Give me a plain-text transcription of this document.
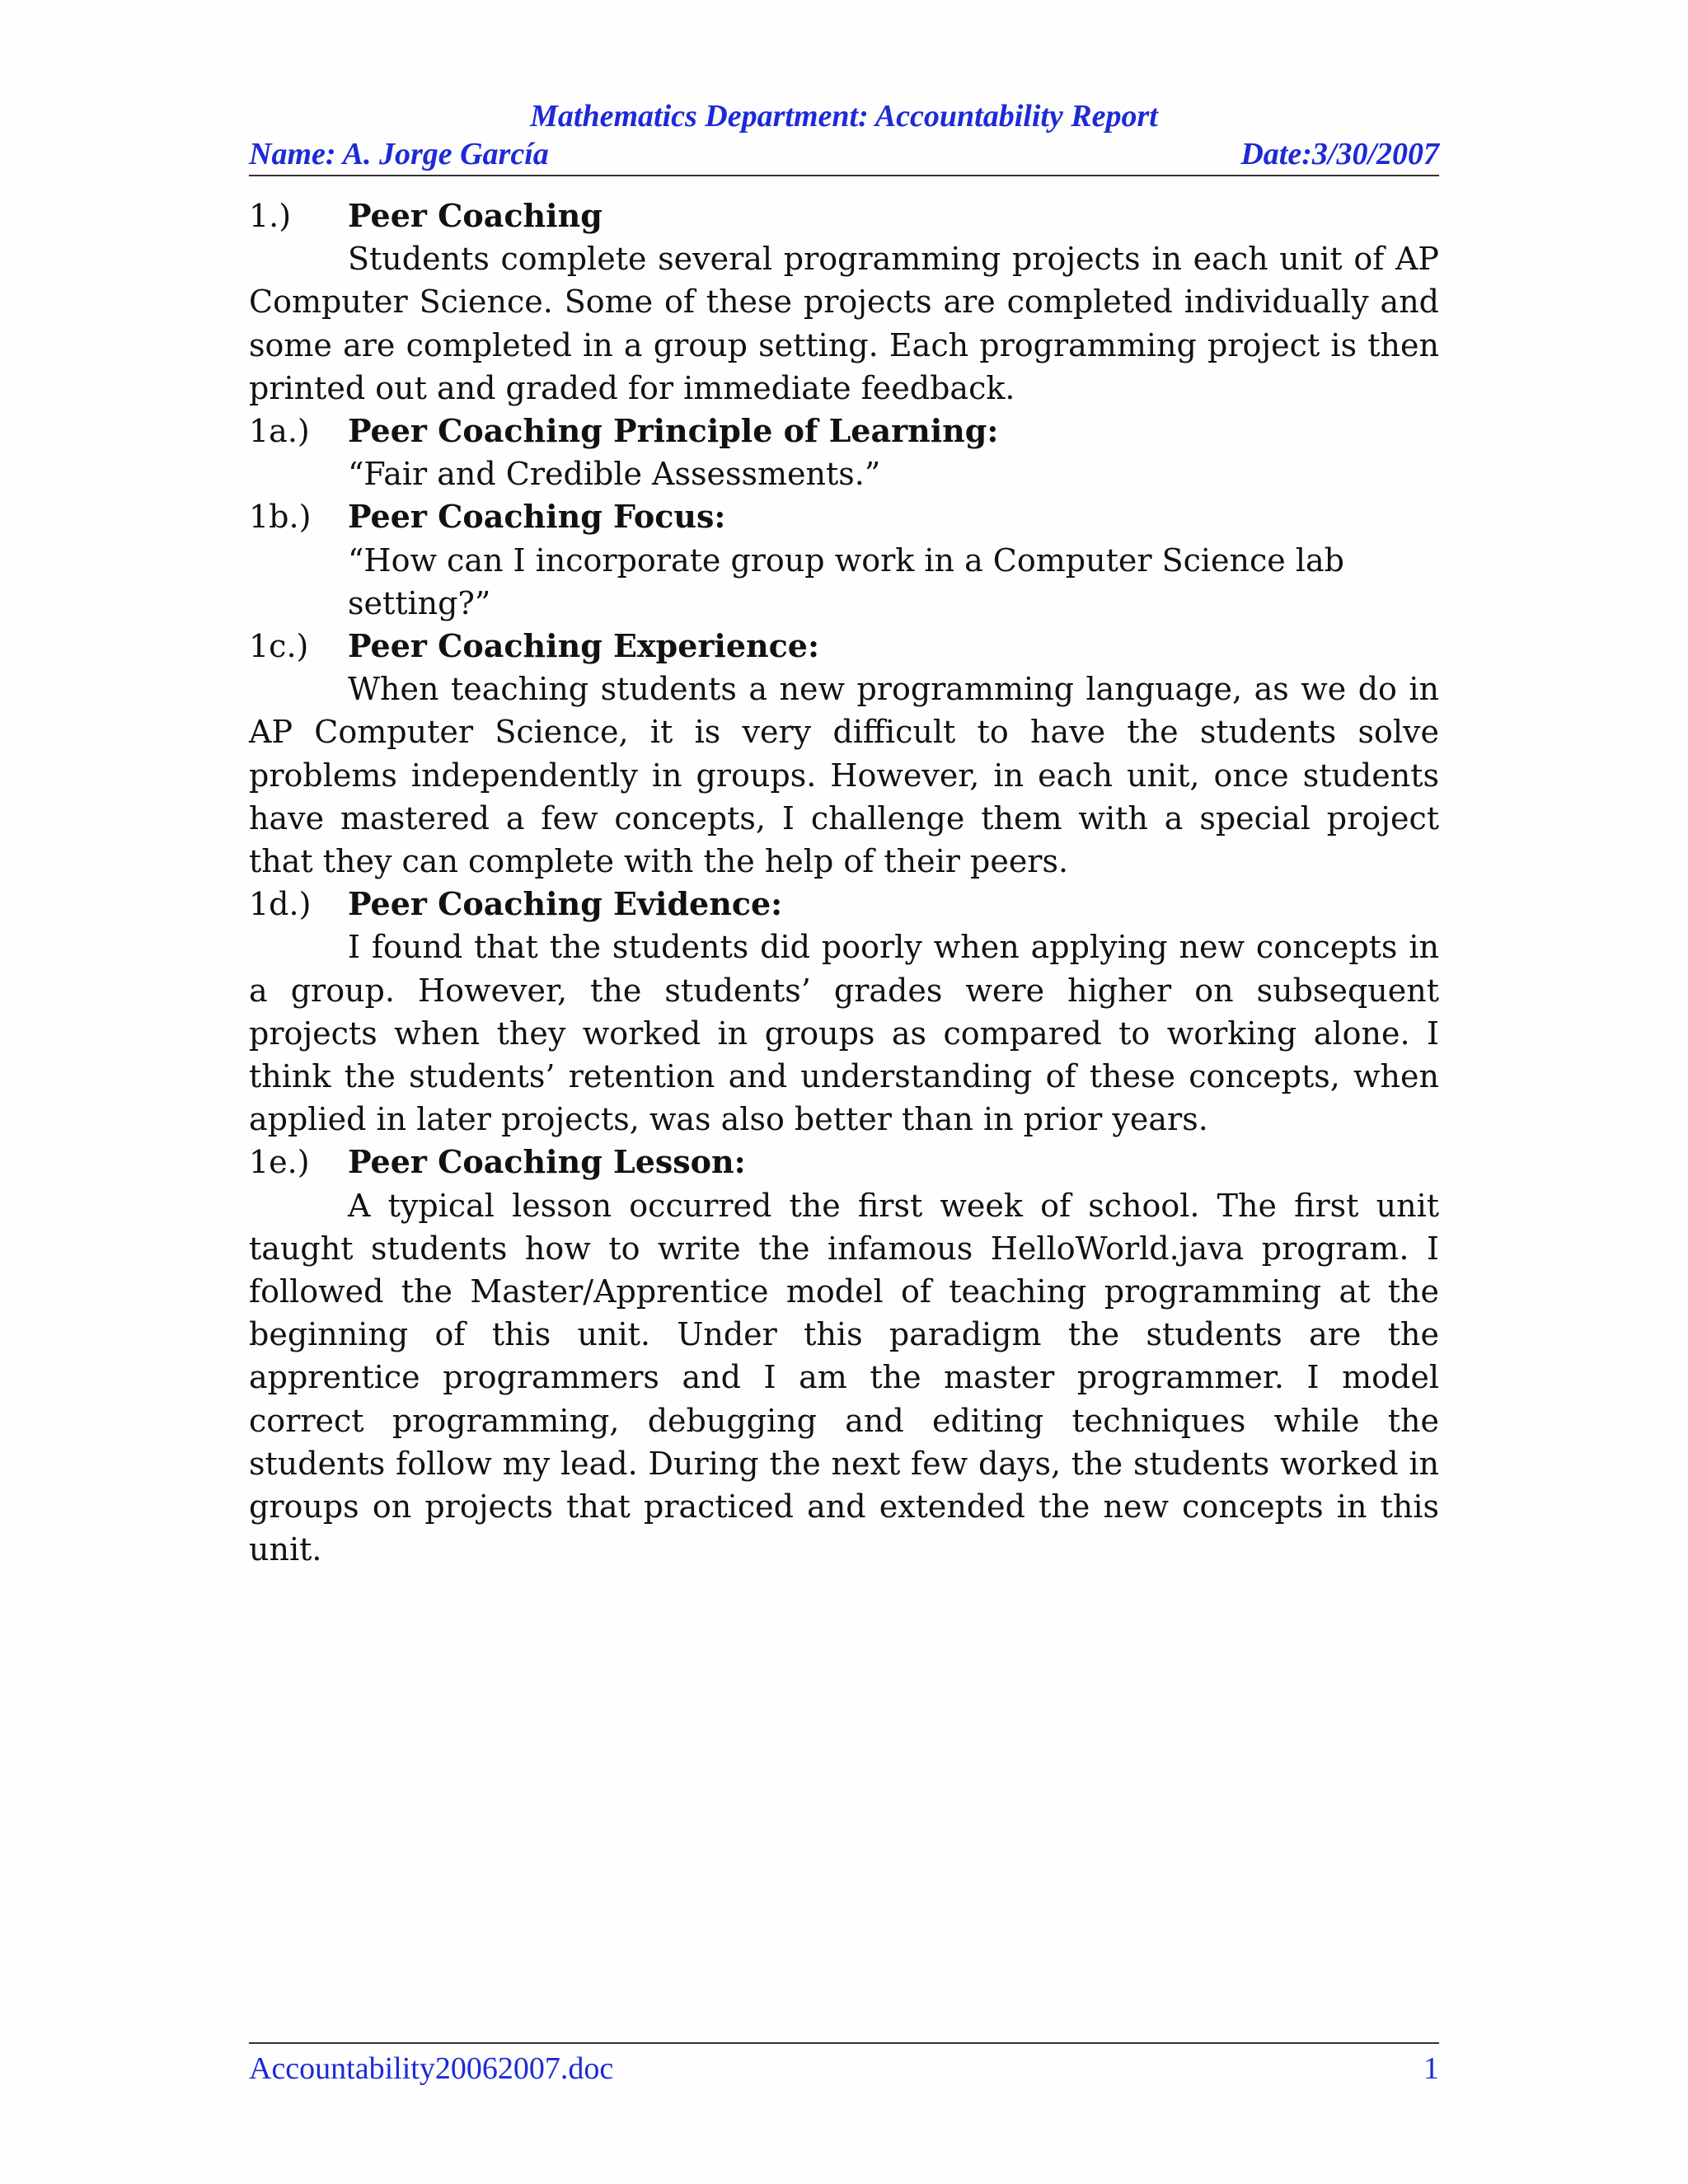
Mathematics Department: Accountability Report
Name: A. Jorge García	Date:3/30/2007
1.)	Peer Coaching

Students complete several programming projects in each unit of AP Computer Science. Some of these projects are completed individually and some are completed in a group setting. Each programming project is then printed out and graded for immediate feedback.

1a.)	Peer Coaching Principle of Learning:

“Fair and Credible Assessments.”

1b.)	Peer Coaching Focus:

“How can I incorporate group work in a Computer Science lab setting?”

1c.)	Peer Coaching Experience:

When teaching students a new programming language, as we do in AP Computer Science, it is very difficult to have the students solve problems independently in groups. However, in each unit, once students have mastered a few concepts, I challenge them with a special project that they can complete with the help of their peers.

1d.)	Peer Coaching Evidence:

I found that the students did poorly when applying new concepts in a group. However, the students’ grades were higher on subsequent projects when they worked in groups as compared to working alone. I think the students’ retention and understanding of these concepts, when applied in later projects, was also better than in prior years.

1e.)	Peer Coaching Lesson:

A typical lesson occurred the first week of school. The first unit taught students how to write the infamous HelloWorld.java program. I followed the Master/Apprentice model of teaching programming at the beginning of this unit. Under this paradigm the students are the apprentice programmers and I am the master programmer. I model correct programming, debugging and editing techniques while the students follow my lead. During the next few days, the students worked in groups on projects that practiced and extended the new concepts in this unit.

Accountability20062007.doc	1
